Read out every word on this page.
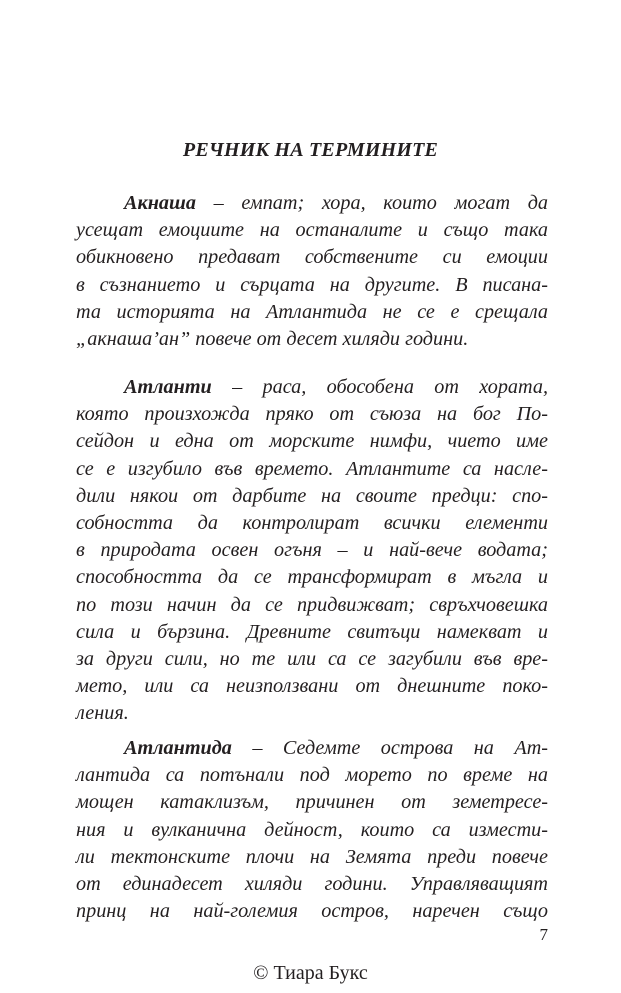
РЕЧНИК НА ТЕРМИНИТЕ
Акнаша – емпат; хора, които могат да
усещат емоциите на останалите и също така
обикновено предават собствените си емоции
в съзнанието и сърцата на другите. В писана-
та историята на Атлантида не се е срещала
„акнаша’ан” повече от десет хиляди години.
Атланти – раса, обособена от хората,
която произхожда пряко от съюза на бог По-
сейдон и една от морските нимфи, чието име
се е изгубило във времето. Атлантите са насле-
дили някои от дарбите на своите предци: спо-
собността да контролират всички елементи
в природата освен огъня – и най-вече водата;
способността да се трансформират в мъгла и
по този начин да се придвижват; свръхчовешка
сила и бързина. Древните свитъци намекват и
за други сили, но те или са се загубили във вре-
мето, или са неизползвани от днешните поко-
ления.
Атлантида – Седемте острова на Ат-
лантида са потънали под морето по време на
мощен катаклизъм, причинен от земетресе-
ния и вулканична дейност, които са измести-
ли тектонските плочи на Земята преди повече
от единадесет хиляди години. Управляващият
принц на най-големия остров, наречен също
7
© Тиара Букс
